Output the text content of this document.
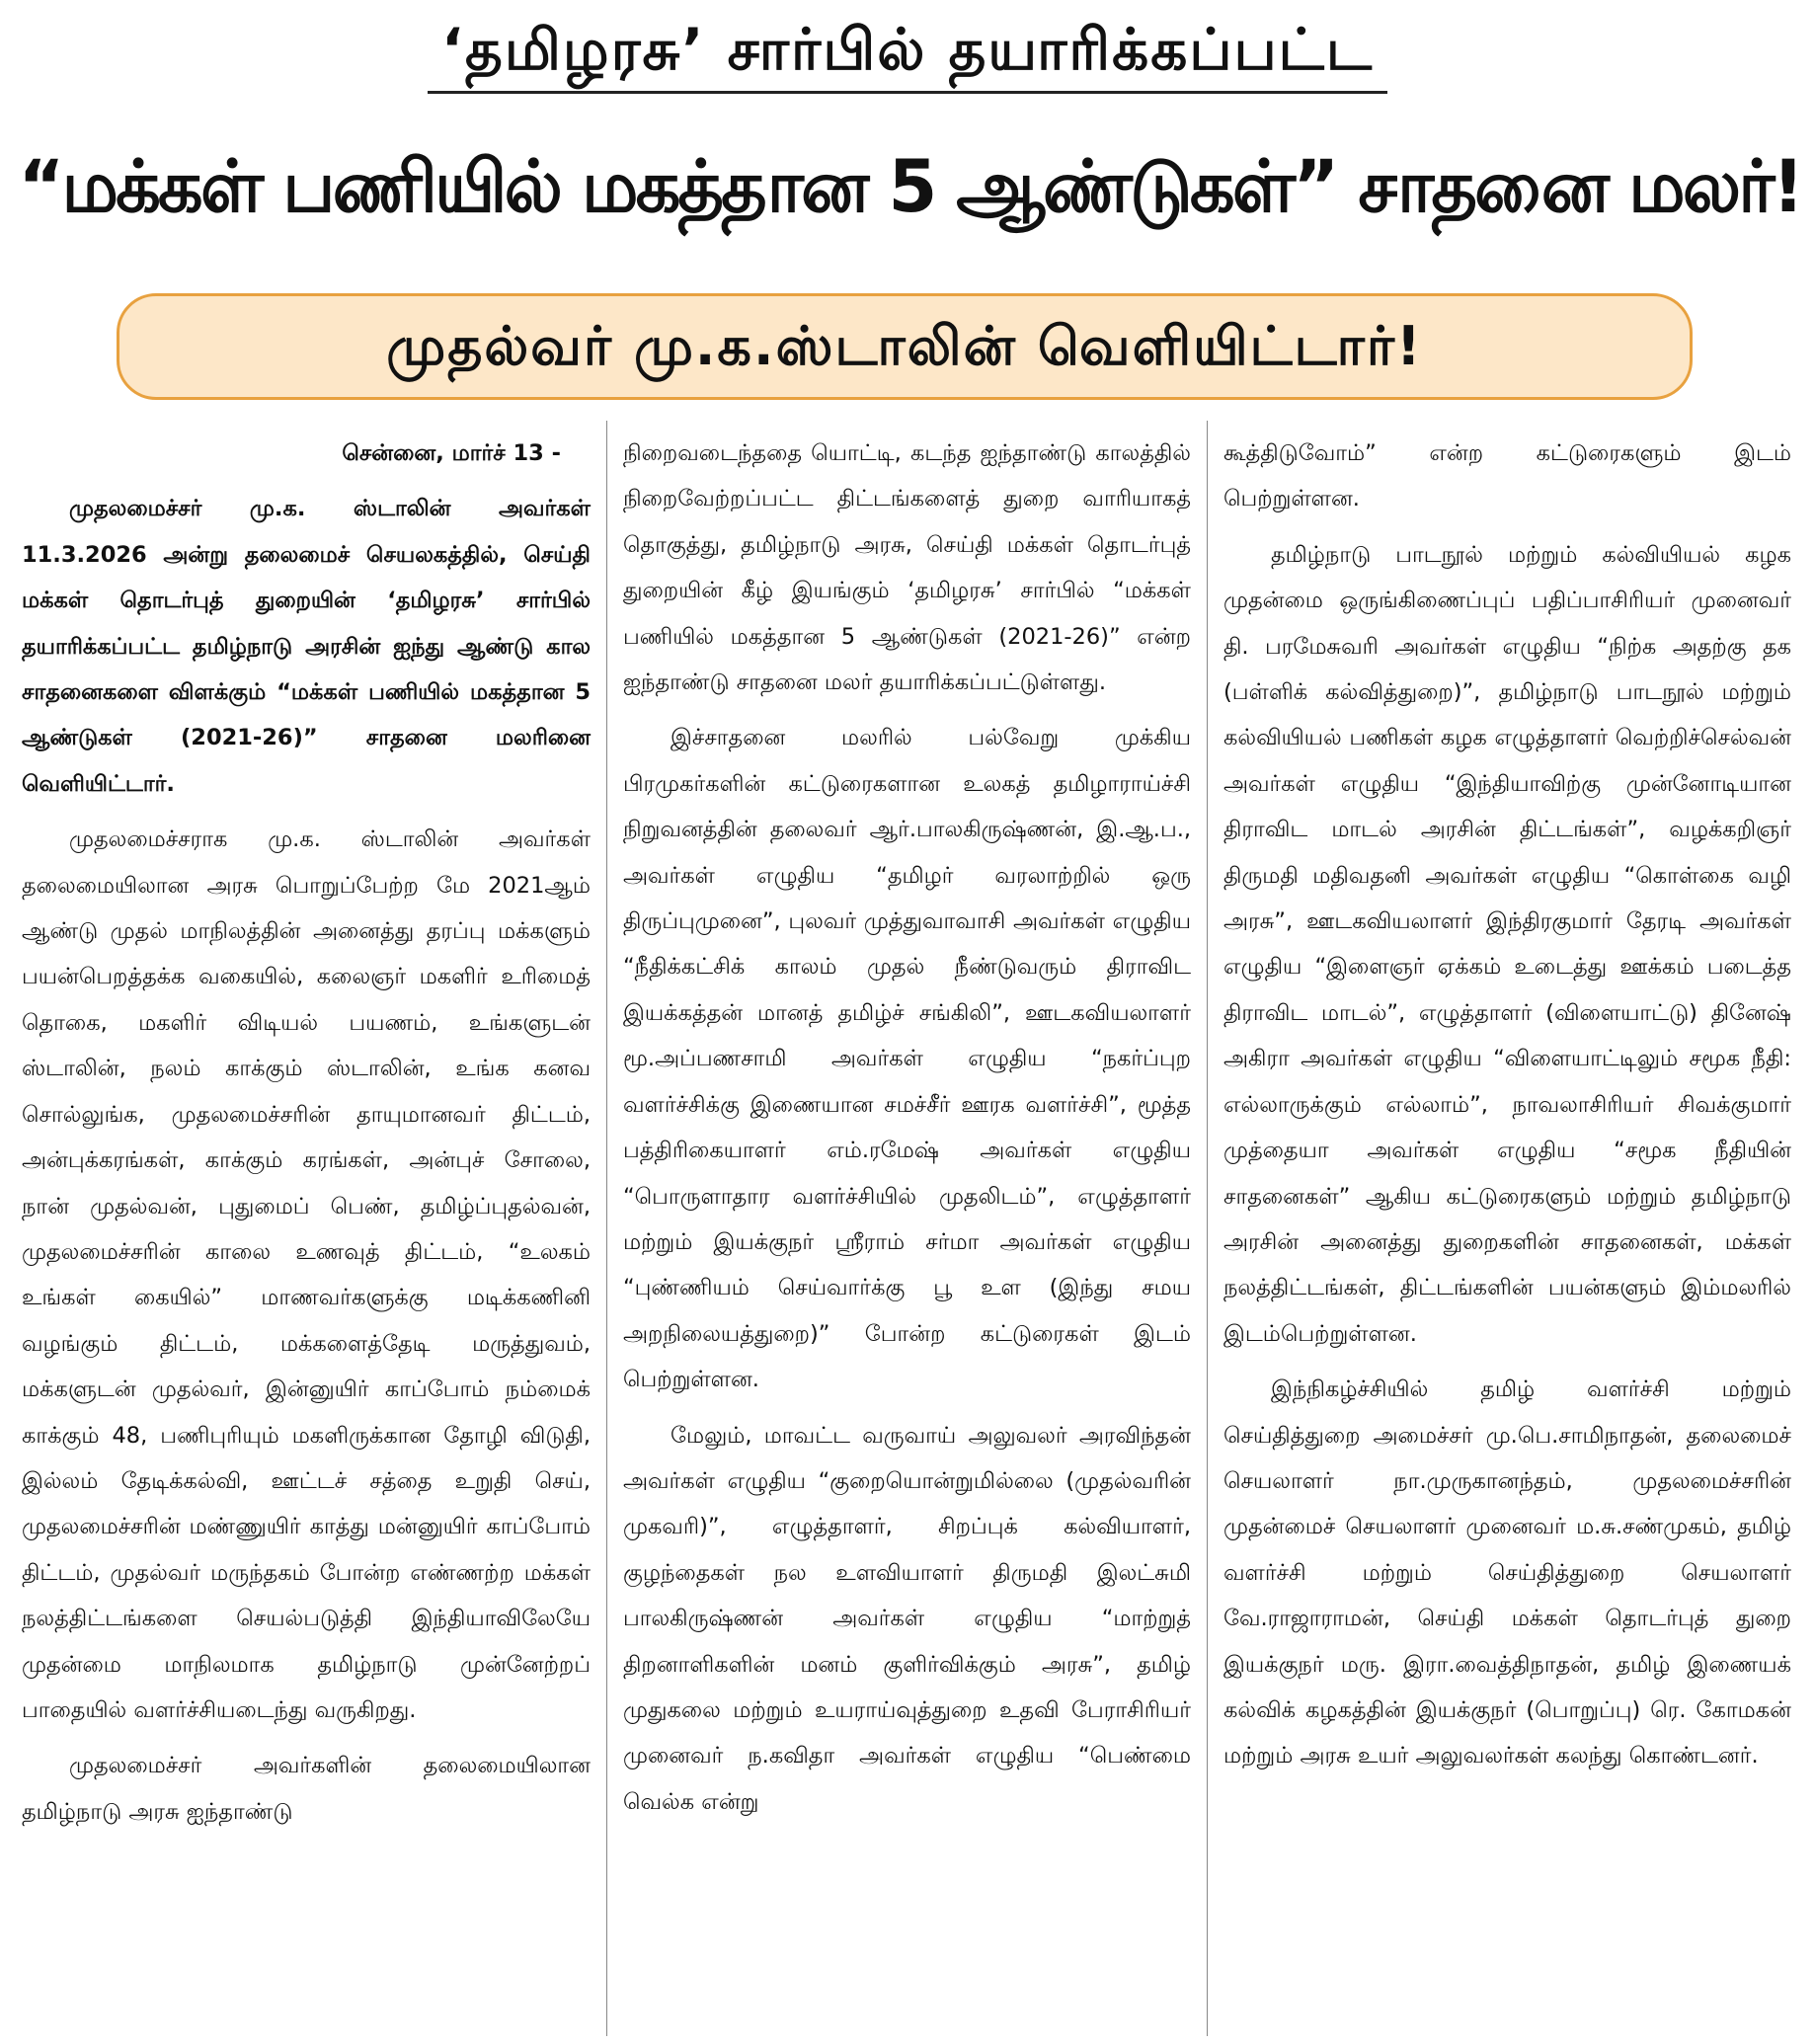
‘தமிழரசு’ சார்பில் தயாரிக்கப்பட்ட
“மக்கள் பணியில் மகத்தான 5 ஆண்டுகள்” சாதனை மலர்!
முதல்வர் மு.க.ஸ்டாலின் வெளியிட்டார்!

சென்னை, மார்ச் 13 -

முதலமைச்சர் மு.க. ஸ்டாலின் அவர்கள் 11.3.2026 அன்று தலைமைச் செயலகத்தில், செய்தி மக்கள் தொடர்புத் துறையின் ‘தமிழரசு’ சார்பில் தயாரிக்கப்பட்ட தமிழ்நாடு அரசின் ஐந்து ஆண்டு கால சாதனைகளை விளக்கும் “மக்கள் பணியில் மகத்தான 5 ஆண்டுகள் (2021-26)” சாதனை மலரினை வெளியிட்டார்.

முதலமைச்சராக மு.க. ஸ்டாலின் அவர்கள் தலைமையிலான அரசு பொறுப்பேற்ற மே 2021ஆம் ஆண்டு முதல் மாநிலத்தின் அனைத்து தரப்பு மக்களும் பயன்பெறத்தக்க வகையில், கலைஞர் மகளிர் உரிமைத் தொகை, மகளிர் விடியல் பயணம், உங்களுடன் ஸ்டாலின், நலம் காக்கும் ஸ்டாலின், உங்க கனவ சொல்லுங்க, முதலமைச்சரின் தாயுமானவர் திட்டம், அன்புக்கரங்கள், காக்கும் கரங்கள், அன்புச் சோலை, நான் முதல்வன், புதுமைப் பெண், தமிழ்ப்புதல்வன், முதலமைச்சரின் காலை உணவுத் திட்டம், “உலகம் உங்கள் கையில்” மாணவர்களுக்கு மடிக்கணினி வழங்கும் திட்டம், மக்களைத்தேடி மருத்துவம், மக்களுடன் முதல்வர், இன்னுயிர் காப்போம் நம்மைக் காக்கும் 48, பணிபுரியும் மகளிருக்கான தோழி விடுதி, இல்லம் தேடிக்கல்வி, ஊட்டச் சத்தை உறுதி செய், முதலமைச்சரின் மண்ணுயிர் காத்து மன்னுயிர் காப்போம் திட்டம், முதல்வர் மருந்தகம் போன்ற எண்ணற்ற மக்கள் நலத்திட்டங்களை செயல்படுத்தி இந்தியாவிலேயே முதன்மை மாநிலமாக தமிழ்நாடு முன்னேற்றப் பாதையில் வளர்ச்சியடைந்து வருகிறது.

முதலமைச்சர் அவர்களின் தலைமையிலான தமிழ்நாடு அரசு ஐந்தாண்டு

நிறைவடைந்ததை யொட்டி, கடந்த ஐந்தாண்டு காலத்தில் நிறைவேற்றப்பட்ட திட்டங்களைத் துறை வாரியாகத் தொகுத்து, தமிழ்நாடு அரசு, செய்தி மக்கள் தொடர்புத் துறையின் கீழ் இயங்கும் ‘தமிழரசு’ சார்பில் “மக்கள் பணியில் மகத்தான 5 ஆண்டுகள் (2021-26)” என்ற ஐந்தாண்டு சாதனை மலர் தயாரிக்கப்பட்டுள்ளது.

இச்சாதனை மலரில் பல்வேறு முக்கிய பிரமுகர்களின் கட்டுரைகளான உலகத் தமிழாராய்ச்சி நிறுவனத்தின் தலைவர் ஆர்.பாலகிருஷ்ணன், இ.ஆ.ப., அவர்கள் எழுதிய “தமிழர் வரலாற்றில் ஒரு திருப்புமுனை”, புலவர் முத்துவாவாசி அவர்கள் எழுதிய “நீதிக்கட்சிக் காலம் முதல் நீண்டுவரும் திராவிட இயக்கத்தன் மானத் தமிழ்ச் சங்கிலி”, ஊடகவியலாளர் மூ.அப்பணசாமி அவர்கள் எழுதிய “நகர்ப்புற வளர்ச்சிக்கு இணையான சமச்சீர் ஊரக வளர்ச்சி”, மூத்த பத்திரிகையாளர் எம்.ரமேஷ் அவர்கள் எழுதிய “பொருளாதார வளர்ச்சியில் முதலிடம்”, எழுத்தாளர் மற்றும் இயக்குநர் ஸ்ரீராம் சர்மா அவர்கள் எழுதிய “புண்ணியம் செய்வார்க்கு பூ உள (இந்து சமய அறநிலையத்துறை)” போன்ற கட்டுரைகள் இடம் பெற்றுள்ளன.

மேலும், மாவட்ட வருவாய் அலுவலர் அரவிந்தன் அவர்கள் எழுதிய “குறையொன்றுமில்லை (முதல்வரின் முகவரி)”, எழுத்தாளர், சிறப்புக் கல்வியாளர், குழந்தைகள் நல உளவியாளர் திருமதி இலட்சுமி பாலகிருஷ்ணன் அவர்கள் எழுதிய “மாற்றுத் திறனாளிகளின் மனம் குளிர்விக்கும் அரசு”, தமிழ் முதுகலை மற்றும் உயராய்வுத்துறை உதவி பேராசிரியர் முனைவர் ந.கவிதா அவர்கள் எழுதிய “பெண்மை வெல்க என்று

கூத்திடுவோம்” என்ற கட்டுரைகளும் இடம் பெற்றுள்ளன.

தமிழ்நாடு பாடநூல் மற்றும் கல்வியியல் கழக முதன்மை ஒருங்கிணைப்புப் பதிப்பாசிரியர் முனைவர் தி. பரமேசுவரி அவர்கள் எழுதிய “நிற்க அதற்கு தக (பள்ளிக் கல்வித்துறை)”, தமிழ்நாடு பாடநூல் மற்றும் கல்வியியல் பணிகள் கழக எழுத்தாளர் வெற்றிச்செல்வன் அவர்கள் எழுதிய “இந்தியாவிற்கு முன்னோடியான திராவிட மாடல் அரசின் திட்டங்கள்”, வழக்கறிஞர் திருமதி மதிவதனி அவர்கள் எழுதிய “கொள்கை வழி அரசு”, ஊடகவியலாளர் இந்திரகுமார் தேரடி அவர்கள் எழுதிய “இளைஞர் ஏக்கம் உடைத்து ஊக்கம் படைத்த திராவிட மாடல்”, எழுத்தாளர் (விளையாட்டு) தினேஷ் அகிரா அவர்கள் எழுதிய “விளையாட்டிலும் சமூக நீதி: எல்லாருக்கும் எல்லாம்”, நாவலாசிரியர் சிவக்குமார் முத்தையா அவர்கள் எழுதிய “சமூக நீதியின் சாதனைகள்” ஆகிய கட்டுரைகளும் மற்றும் தமிழ்நாடு அரசின் அனைத்து துறைகளின் சாதனைகள், மக்கள் நலத்திட்டங்கள், திட்டங்களின் பயன்களும் இம்மலரில் இடம்பெற்றுள்ளன.

இந்நிகழ்ச்சியில் தமிழ் வளர்ச்சி மற்றும் செய்தித்துறை அமைச்சர் மு.பெ.சாமிநாதன், தலைமைச் செயலாளர் நா.முருகானந்தம், முதலமைச்சரின் முதன்மைச் செயலாளர் முனைவர் ம.சு.சண்முகம், தமிழ் வளர்ச்சி மற்றும் செய்தித்துறை செயலாளர் வே.ராஜாராமன், செய்தி மக்கள் தொடர்புத் துறை இயக்குநர் மரு. இரா.வைத்திநாதன், தமிழ் இணையக் கல்விக் கழகத்தின் இயக்குநர் (பொறுப்பு) ரெ. கோமகன் மற்றும் அரசு உயர் அலுவலர்கள் கலந்து கொண்டனர்.
